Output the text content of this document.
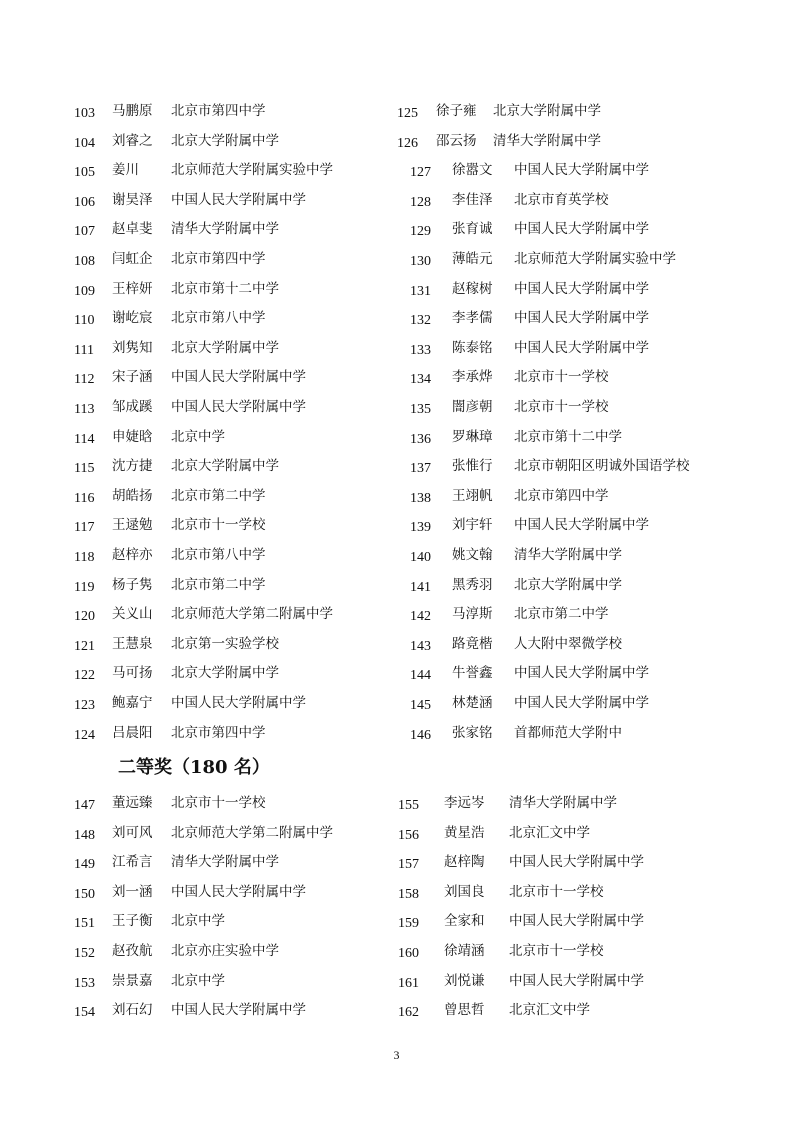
103 马鹏原 北京市第四中学
104 刘睿之 北京大学附属中学
105 姜川 北京师范大学附属实验中学
106 谢昊泽 中国人民大学附属中学
107 赵卓斐 清华大学附属中学
108 闫虹企 北京市第四中学
109 王梓妍 北京市第十二中学
110 谢屹宸 北京市第八中学
111 刘隽知 北京大学附属中学
112 宋子涵 中国人民大学附属中学
113 邹成蹊 中国人民大学附属中学
114 申婕晗 北京中学
115 沈方捷 北京大学附属中学
116 胡皓扬 北京市第二中学
117 王逯勉 北京市十一学校
118 赵梓亦 北京市第八中学
119 杨子隽 北京市第二中学
120 关义山 北京师范大学第二附属中学
121 王慧泉 北京第一实验学校
122 马可扬 北京大学附属中学
123 鲍嘉宁 中国人民大学附属中学
124 吕晨阳 北京市第四中学
125 徐子雍 北京大学附属中学
126 邵云扬 清华大学附属中学
127 徐嚣文 中国人民大学附属中学
128 李佳泽 北京市育英学校
129 张育诚 中国人民大学附属中学
130 薄皓元 北京师范大学附属实验中学
131 赵稼树 中国人民大学附属中学
132 李孝儒 中国人民大学附属中学
133 陈泰铭 中国人民大学附属中学
134 李承烨 北京市十一学校
135 闇彦朝 北京市十一学校
136 罗琳璋 北京市第十二中学
137 张惟行 北京市朝阳区明诚外国语学校
138 王翊帆 北京市第四中学
139 刘宇轩 中国人民大学附属中学
140 姚文翰 清华大学附属中学
141 黑秀羽 北京大学附属中学
142 马淳斯 北京市第二中学
143 路竟楷 人大附中翠微学校
144 牛誉鑫 中国人民大学附属中学
145 林楚涵 中国人民大学附属中学
146 张家铭 首都师范大学附中
二等奖（180 名）
147 董远臻 北京市十一学校
148 刘可风 北京师范大学第二附属中学
149 江希言 清华大学附属中学
150 刘一涵 中国人民大学附属中学
151 王子衡 北京中学
152 赵孜航 北京亦庄实验中学
153 崇景嘉 北京中学
154 刘石幻 中国人民大学附属中学
155 李远岑 清华大学附属中学
156 黄星浩 北京汇文中学
157 赵梓陶 中国人民大学附属中学
158 刘国良 北京市十一学校
159 全家和 中国人民大学附属中学
160 徐靖涵 北京市十一学校
161 刘悦谦 中国人民大学附属中学
162 曾思哲 北京汇文中学
3
